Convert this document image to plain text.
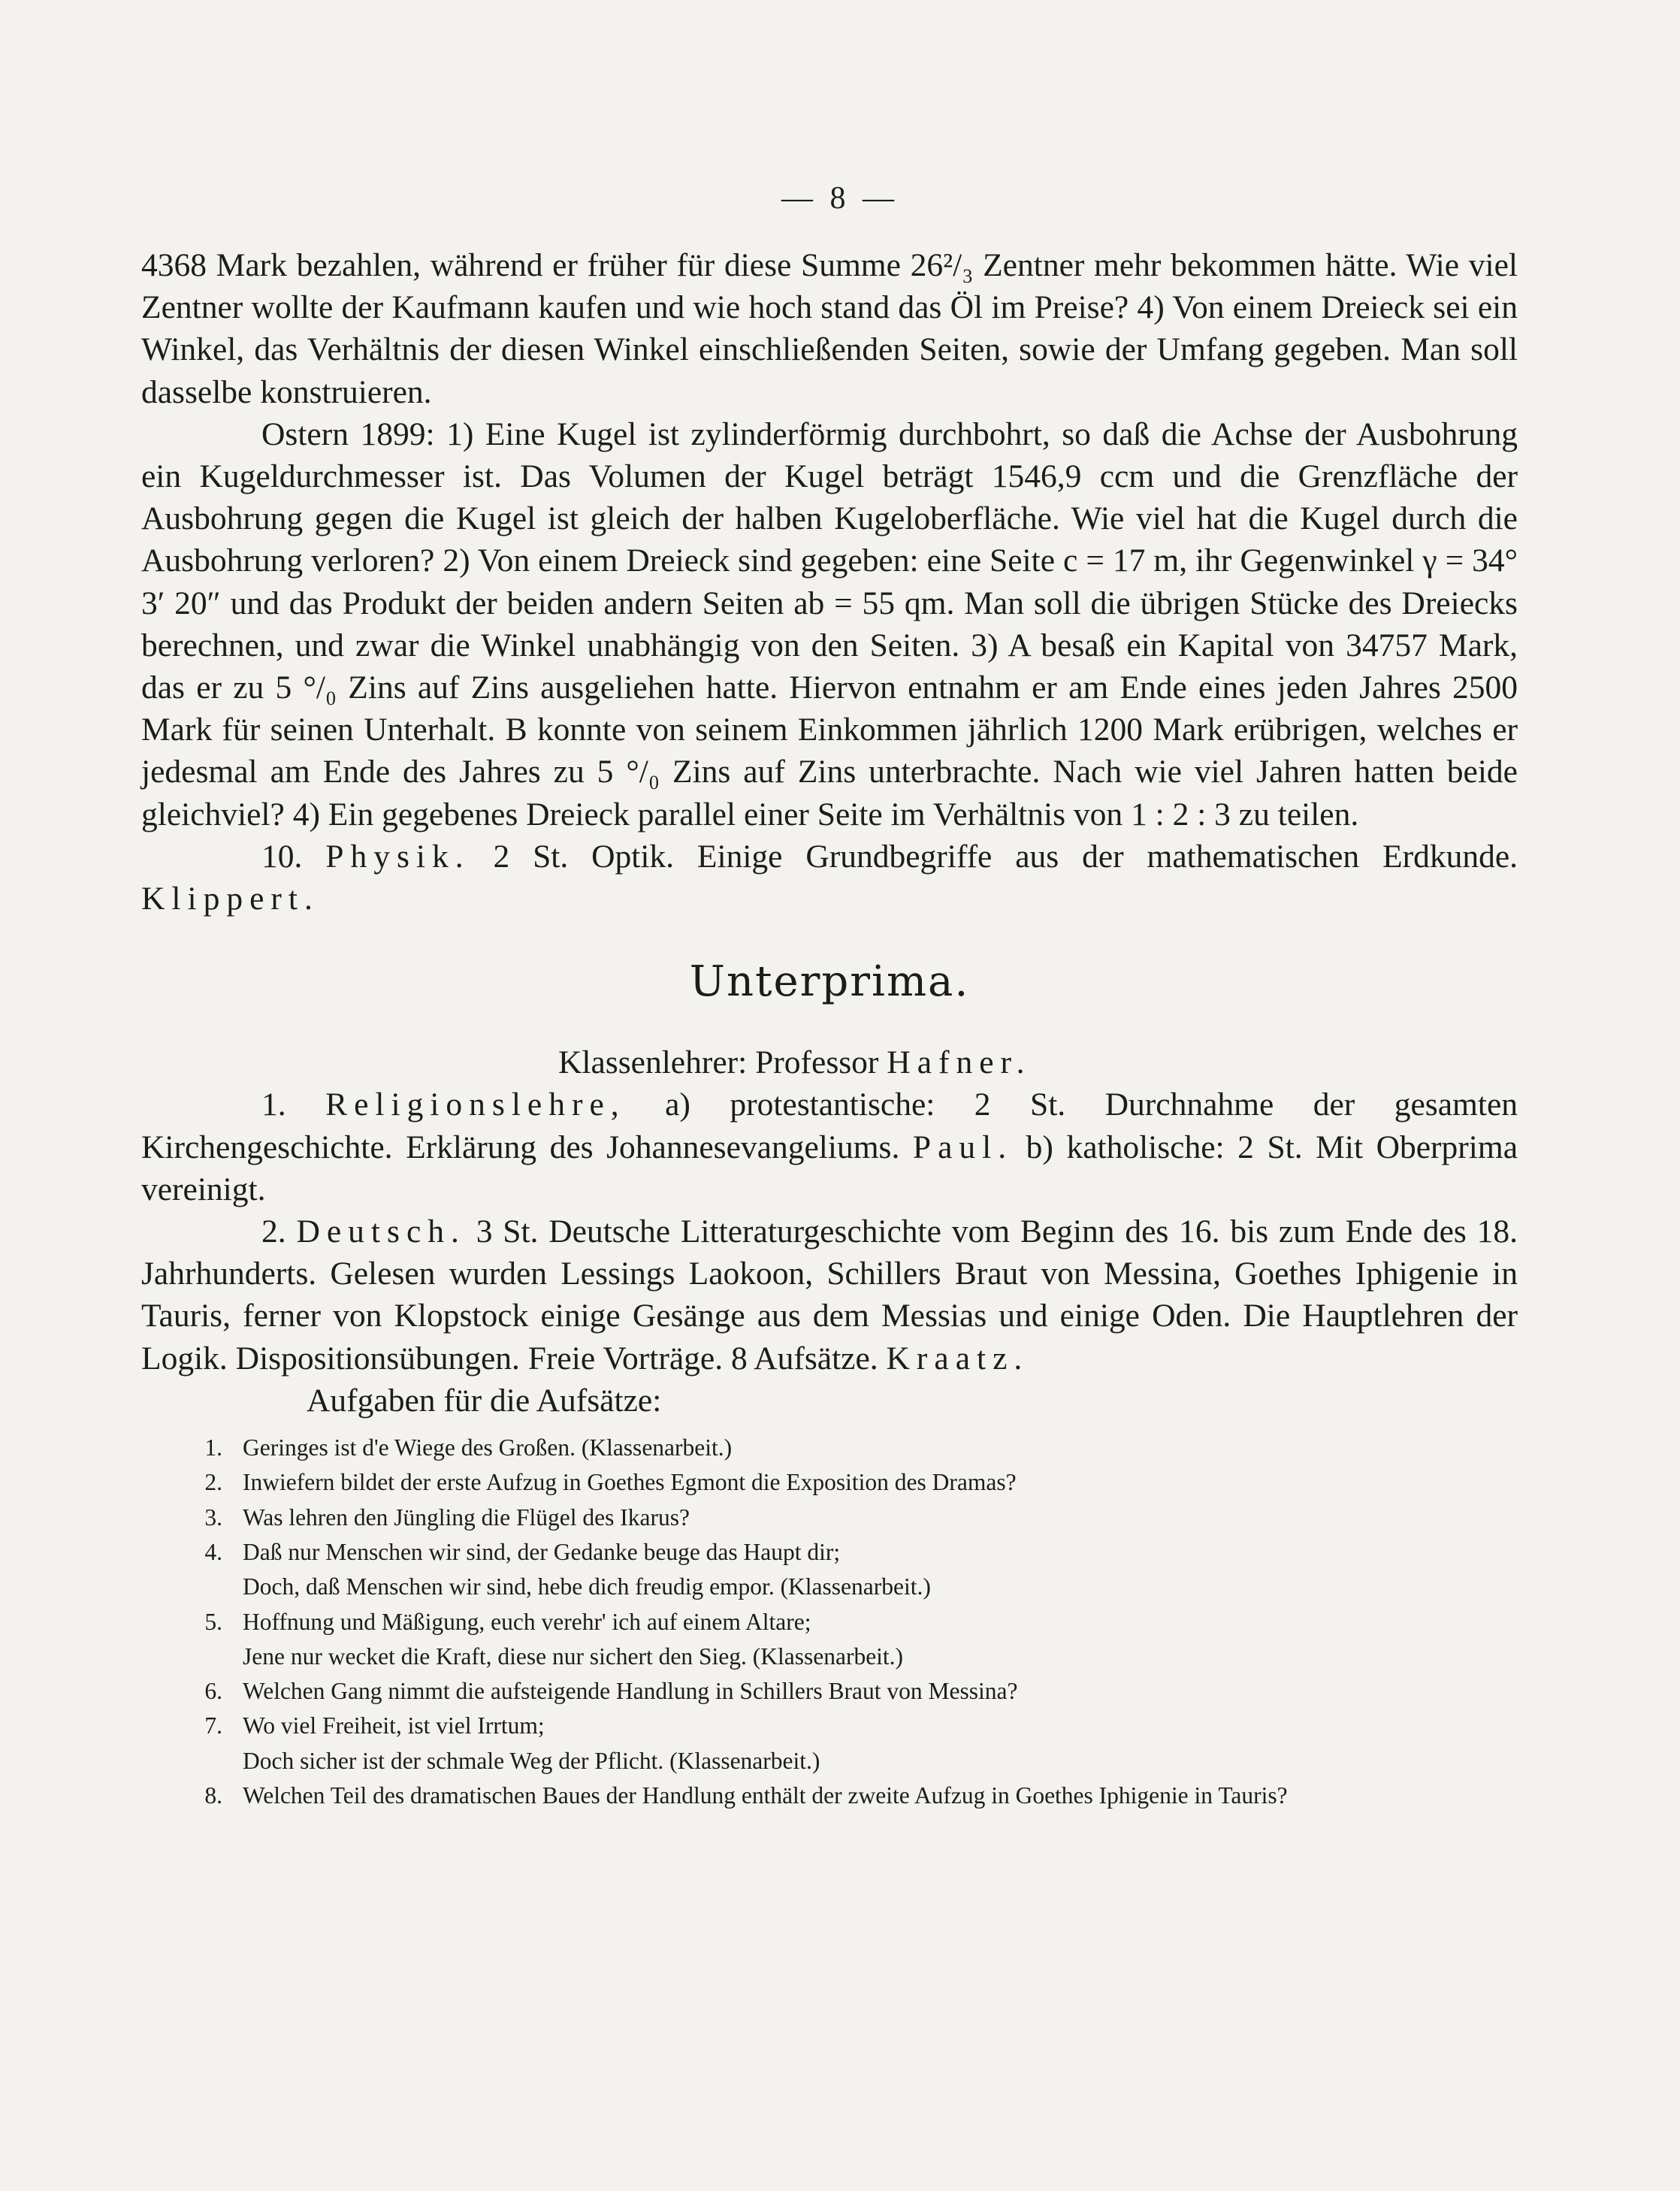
— 8 —

4368 Mark bezahlen, während er früher für diese Summe 26²/₃ Zentner mehr bekommen hätte. Wie viel Zentner wollte der Kaufmann kaufen und wie hoch stand das Öl im Preise? 4) Von einem Dreieck sei ein Winkel, das Verhältnis der diesen Winkel einschließenden Seiten, sowie der Umfang gegeben. Man soll dasselbe konstruieren.

Ostern 1899: 1) Eine Kugel ist zylinderförmig durchbohrt, so daß die Achse der Ausbohrung ein Kugeldurchmesser ist. Das Volumen der Kugel beträgt 1546,9 ccm und die Grenzfläche der Ausbohrung gegen die Kugel ist gleich der halben Kugeloberfläche. Wie viel hat die Kugel durch die Ausbohrung verloren? 2) Von einem Dreieck sind gegeben: eine Seite c = 17 m, ihr Gegenwinkel γ = 34° 3′ 20″ und das Produkt der beiden andern Seiten ab = 55 qm. Man soll die übrigen Stücke des Dreiecks berechnen, und zwar die Winkel unabhängig von den Seiten. 3) A besaß ein Kapital von 34757 Mark, das er zu 5 °/₀ Zins auf Zins ausgeliehen hatte. Hiervon entnahm er am Ende eines jeden Jahres 2500 Mark für seinen Unterhalt. B konnte von seinem Einkommen jährlich 1200 Mark erübrigen, welches er jedesmal am Ende des Jahres zu 5 °/₀ Zins auf Zins unterbrachte. Nach wie viel Jahren hatten beide gleichviel? 4) Ein gegebenes Dreieck parallel einer Seite im Verhältnis von 1 : 2 : 3 zu teilen.

10. Physik. 2 St. Optik. Einige Grundbegriffe aus der mathematischen Erdkunde. Klippert.

Unterprima.

Klassenlehrer: Professor Hafner.

1. Religionslehre, a) protestantische: 2 St. Durchnahme der gesamten Kirchengeschichte. Erklärung des Johannesevangeliums. Paul. b) katholische: 2 St. Mit Oberprima vereinigt.

2. Deutsch. 3 St. Deutsche Litteraturgeschichte vom Beginn des 16. bis zum Ende des 18. Jahrhunderts. Gelesen wurden Lessings Laokoon, Schillers Braut von Messina, Goethes Iphigenie in Tauris, ferner von Klopstock einige Gesänge aus dem Messias und einige Oden. Die Hauptlehren der Logik. Dispositionsübungen. Freie Vorträge. 8 Aufsätze. Kraatz.

Aufgaben für die Aufsätze:

1. Geringes ist d'e Wiege des Großen. (Klassenarbeit.)
2. Inwiefern bildet der erste Aufzug in Goethes Egmont die Exposition des Dramas?
3. Was lehren den Jüngling die Flügel des Ikarus?
4. Daß nur Menschen wir sind, der Gedanke beuge das Haupt dir;
Doch, daß Menschen wir sind, hebe dich freudig empor. (Klassenarbeit.)
5. Hoffnung und Mäßigung, euch verehr' ich auf einem Altare;
Jene nur wecket die Kraft, diese nur sichert den Sieg. (Klassenarbeit.)
6. Welchen Gang nimmt die aufsteigende Handlung in Schillers Braut von Messina?
7. Wo viel Freiheit, ist viel Irrtum;
Doch sicher ist der schmale Weg der Pflicht. (Klassenarbeit.)
8. Welchen Teil des dramatischen Baues der Handlung enthält der zweite Aufzug in Goethes Iphigenie in Tauris?
